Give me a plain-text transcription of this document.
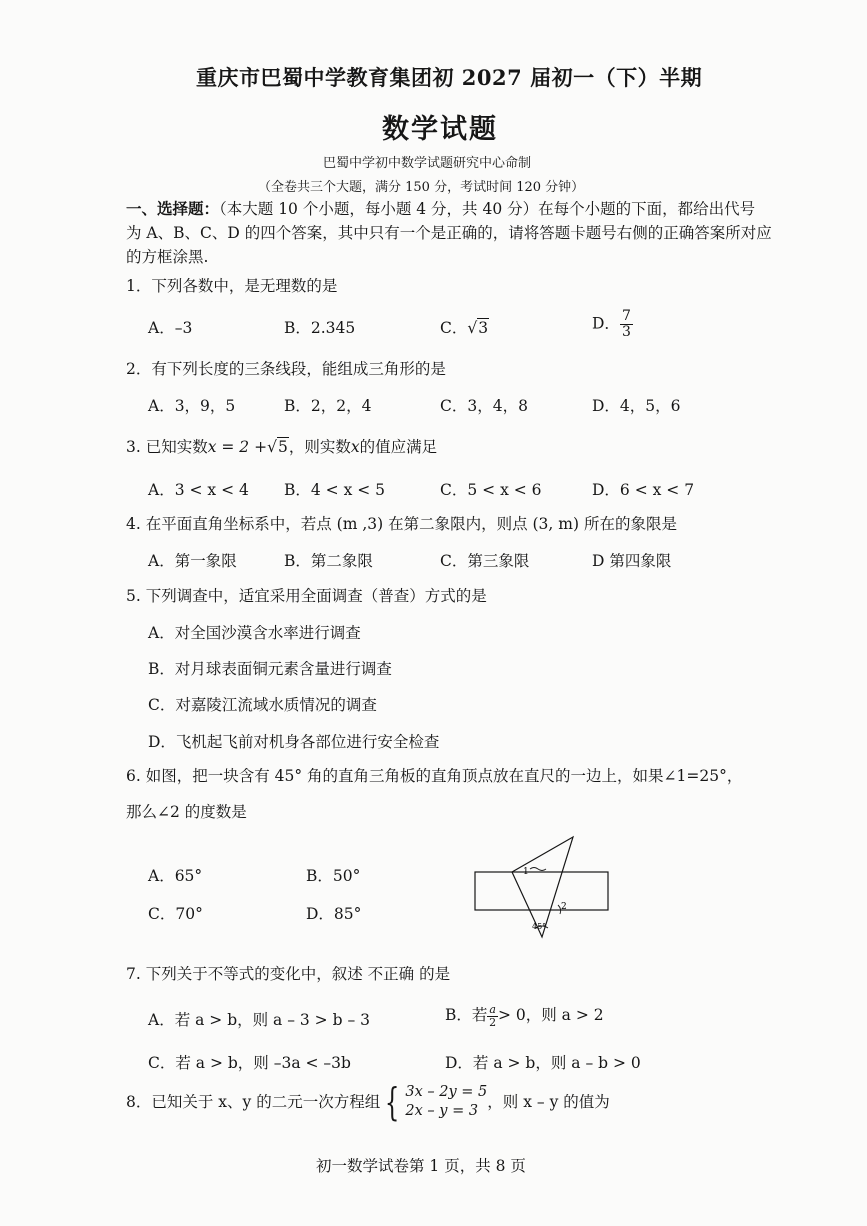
重庆市巴蜀中学教育集团初 2027 届初一（下）半期
数学试题
巴蜀中学初中数学试题研究中心命制
（全卷共三个大题，满分 150 分，考试时间 120 分钟）
一、选择题：（本大题 10 个小题，每小题 4 分，共 40 分）在每个小题的下面，都给出代号
为 A、B、C、D 的四个答案，其中只有一个是正确的，请将答题卡题号右侧的正确答案所对应
的方框涂黑.
1．下列各数中，是无理数的是
A．–3	B．2.345	C．√3	D． $\frac{7}{3}$
2．有下列长度的三条线段，能组成三角形的是
A．3，9，5	B．2，2，4	C．3，4，8	D．4，5，6
3. 已知实数x = 2 +√5，则实数x的值应满足
A．3 < x < 4 B．4 < x < 5	C．5 < x < 6	D．6 < x < 7
4. 在平面直角坐标系中，若点 (m ,3) 在第二象限内，则点 (3, m) 所在的象限是
A．第一象限	B．第二象限	C．第三象限	D 第四象限
5. 下列调查中，适宜采用全面调查（普查）方式的是
A．对全国沙漠含水率进行调查
B．对月球表面铜元素含量进行调查
C．对嘉陵江流域水质情况的调查
D．飞机起飞前对机身各部位进行安全检查
6. 如图，把一块含有 45° 角的直角三角板的直角顶点放在直尺的一边上，如果∠1=25°，
那么∠2 的度数是
A．65°	B．50°
C．70°	D．85°
1
2
45°
7. 下列关于不等式的变化中，叙述 不正确 的是
A．若 a > b，则 a – 3 > b – 3	B．若 $\frac{a}{2} > 0$，则 a > 2
C．若 a > b，则 –3a < –3b	D．若 a > b，则 a – b > 0
8．已知关于 x、y 的二元一次方程组 { 3x – 2y = 5
2x – y = 3 ，则 x – y 的值为
初一数学试卷第 1 页，共 8 页
